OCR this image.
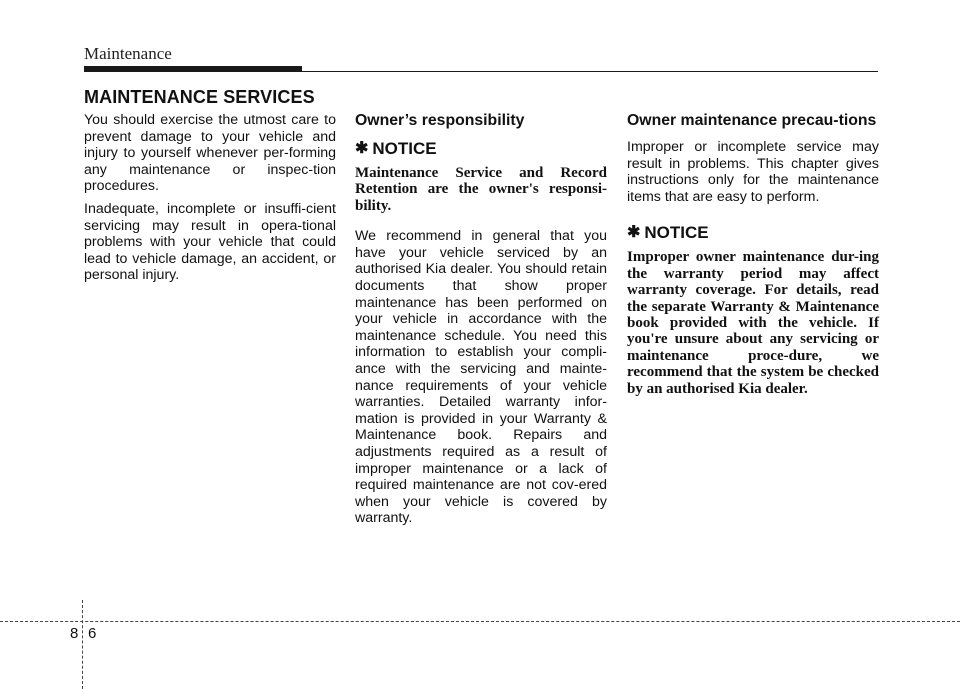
Maintenance
MAINTENANCE SERVICES

You should exercise the utmost care to prevent damage to your vehicle and injury to yourself whenever per-forming any maintenance or inspec-tion procedures.

Inadequate, incomplete or insuffi-cient servicing may result in opera-tional problems with your vehicle that could lead to vehicle damage, an accident, or personal injury.

Owner’s responsibility
✱ NOTICE

Maintenance Service and Record Retention are the owner's responsi-bility.

We recommend in general that you have your vehicle serviced by an authorised Kia dealer. You should retain documents that show proper maintenance has been performed on your vehicle in accordance with the maintenance schedule. You need this information to establish your compli-ance with the servicing and mainte-nance requirements of your vehicle warranties. Detailed warranty infor-mation is provided in your Warranty & Maintenance book. Repairs and adjustments required as a result of improper maintenance or a lack of required maintenance are not cov-ered when your vehicle is covered by warranty.

Owner maintenance precau-tions

Improper or incomplete service may result in problems. This chapter gives instructions only for the maintenance items that are easy to perform.

✱ NOTICE

Improper owner maintenance dur-ing the warranty period may affect warranty coverage. For details, read the separate Warranty & Maintenance book provided with the vehicle. If you're unsure about any servicing or maintenance proce-dure, we recommend that the system be checked by an authorised Kia dealer.

8 6
